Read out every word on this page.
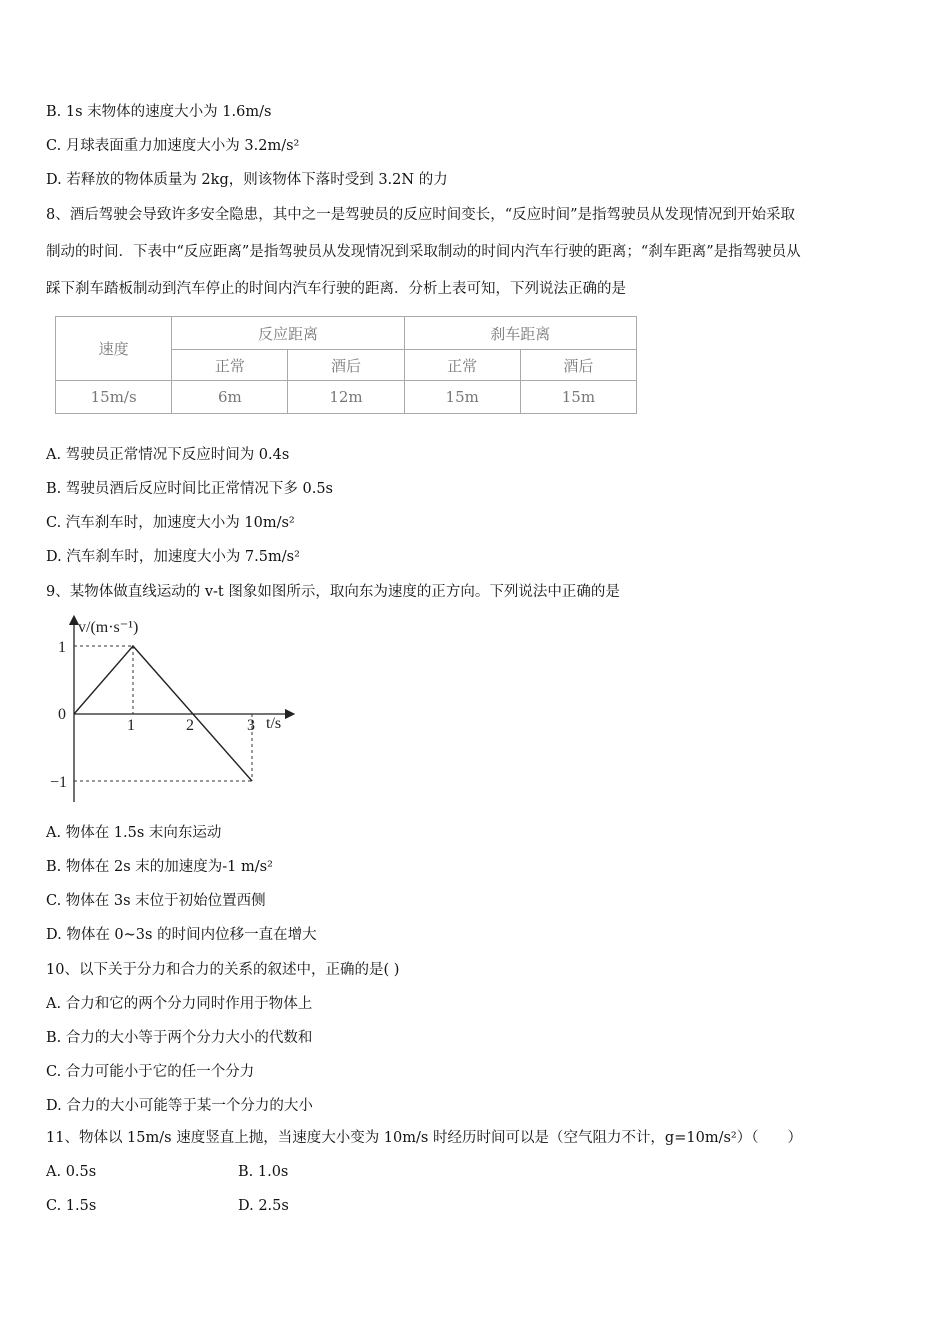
B. 1s 末物体的速度大小为 1.6m/s
C. 月球表面重力加速度大小为 3.2m/s²
D. 若释放的物体质量为 2kg，则该物体下落时受到 3.2N 的力
8、酒后驾驶会导致许多安全隐患，其中之一是驾驶员的反应时间变长，“反应时间”是指驾驶员从发现情况到开始采取
制动的时间．下表中“反应距离”是指驾驶员从发现情况到采取制动的时间内汽车行驶的距离；“刹车距离”是指驾驶员从
踩下刹车踏板制动到汽车停止的时间内汽车行驶的距离．分析上表可知，下列说法正确的是
速度	反应距离		刹车距离	
	正常	酒后	正常	酒后
15m/s	6m	12m	15m	15m
A. 驾驶员正常情况下反应时间为 0.4s
B. 驾驶员酒后反应时间比正常情况下多 0.5s
C. 汽车刹车时，加速度大小为 10m/s²
D. 汽车刹车时，加速度大小为 7.5m/s²
9、某物体做直线运动的 v-t 图象如图所示，取向东为速度的正方向。下列说法中正确的是
v/(m·s⁻¹)
t/s
1
0
−1
1	2	3
A. 物体在 1.5s 末向东运动
B. 物体在 2s 末的加速度为-1 m/s²
C. 物体在 3s 末位于初始位置西侧
D. 物体在 0~3s 的时间内位移一直在增大
10、以下关于分力和合力的关系的叙述中，正确的是( )
A. 合力和它的两个分力同时作用于物体上
B. 合力的大小等于两个分力大小的代数和
C. 合力可能小于它的任一个分力
D. 合力的大小可能等于某一个分力的大小
11、物体以 15m/s 速度竖直上抛，当速度大小变为 10m/s 时经历时间可以是（空气阻力不计，g=10m/s²）（　　）
A. 0.5s	B. 1.0s
C. 1.5s	D. 2.5s
